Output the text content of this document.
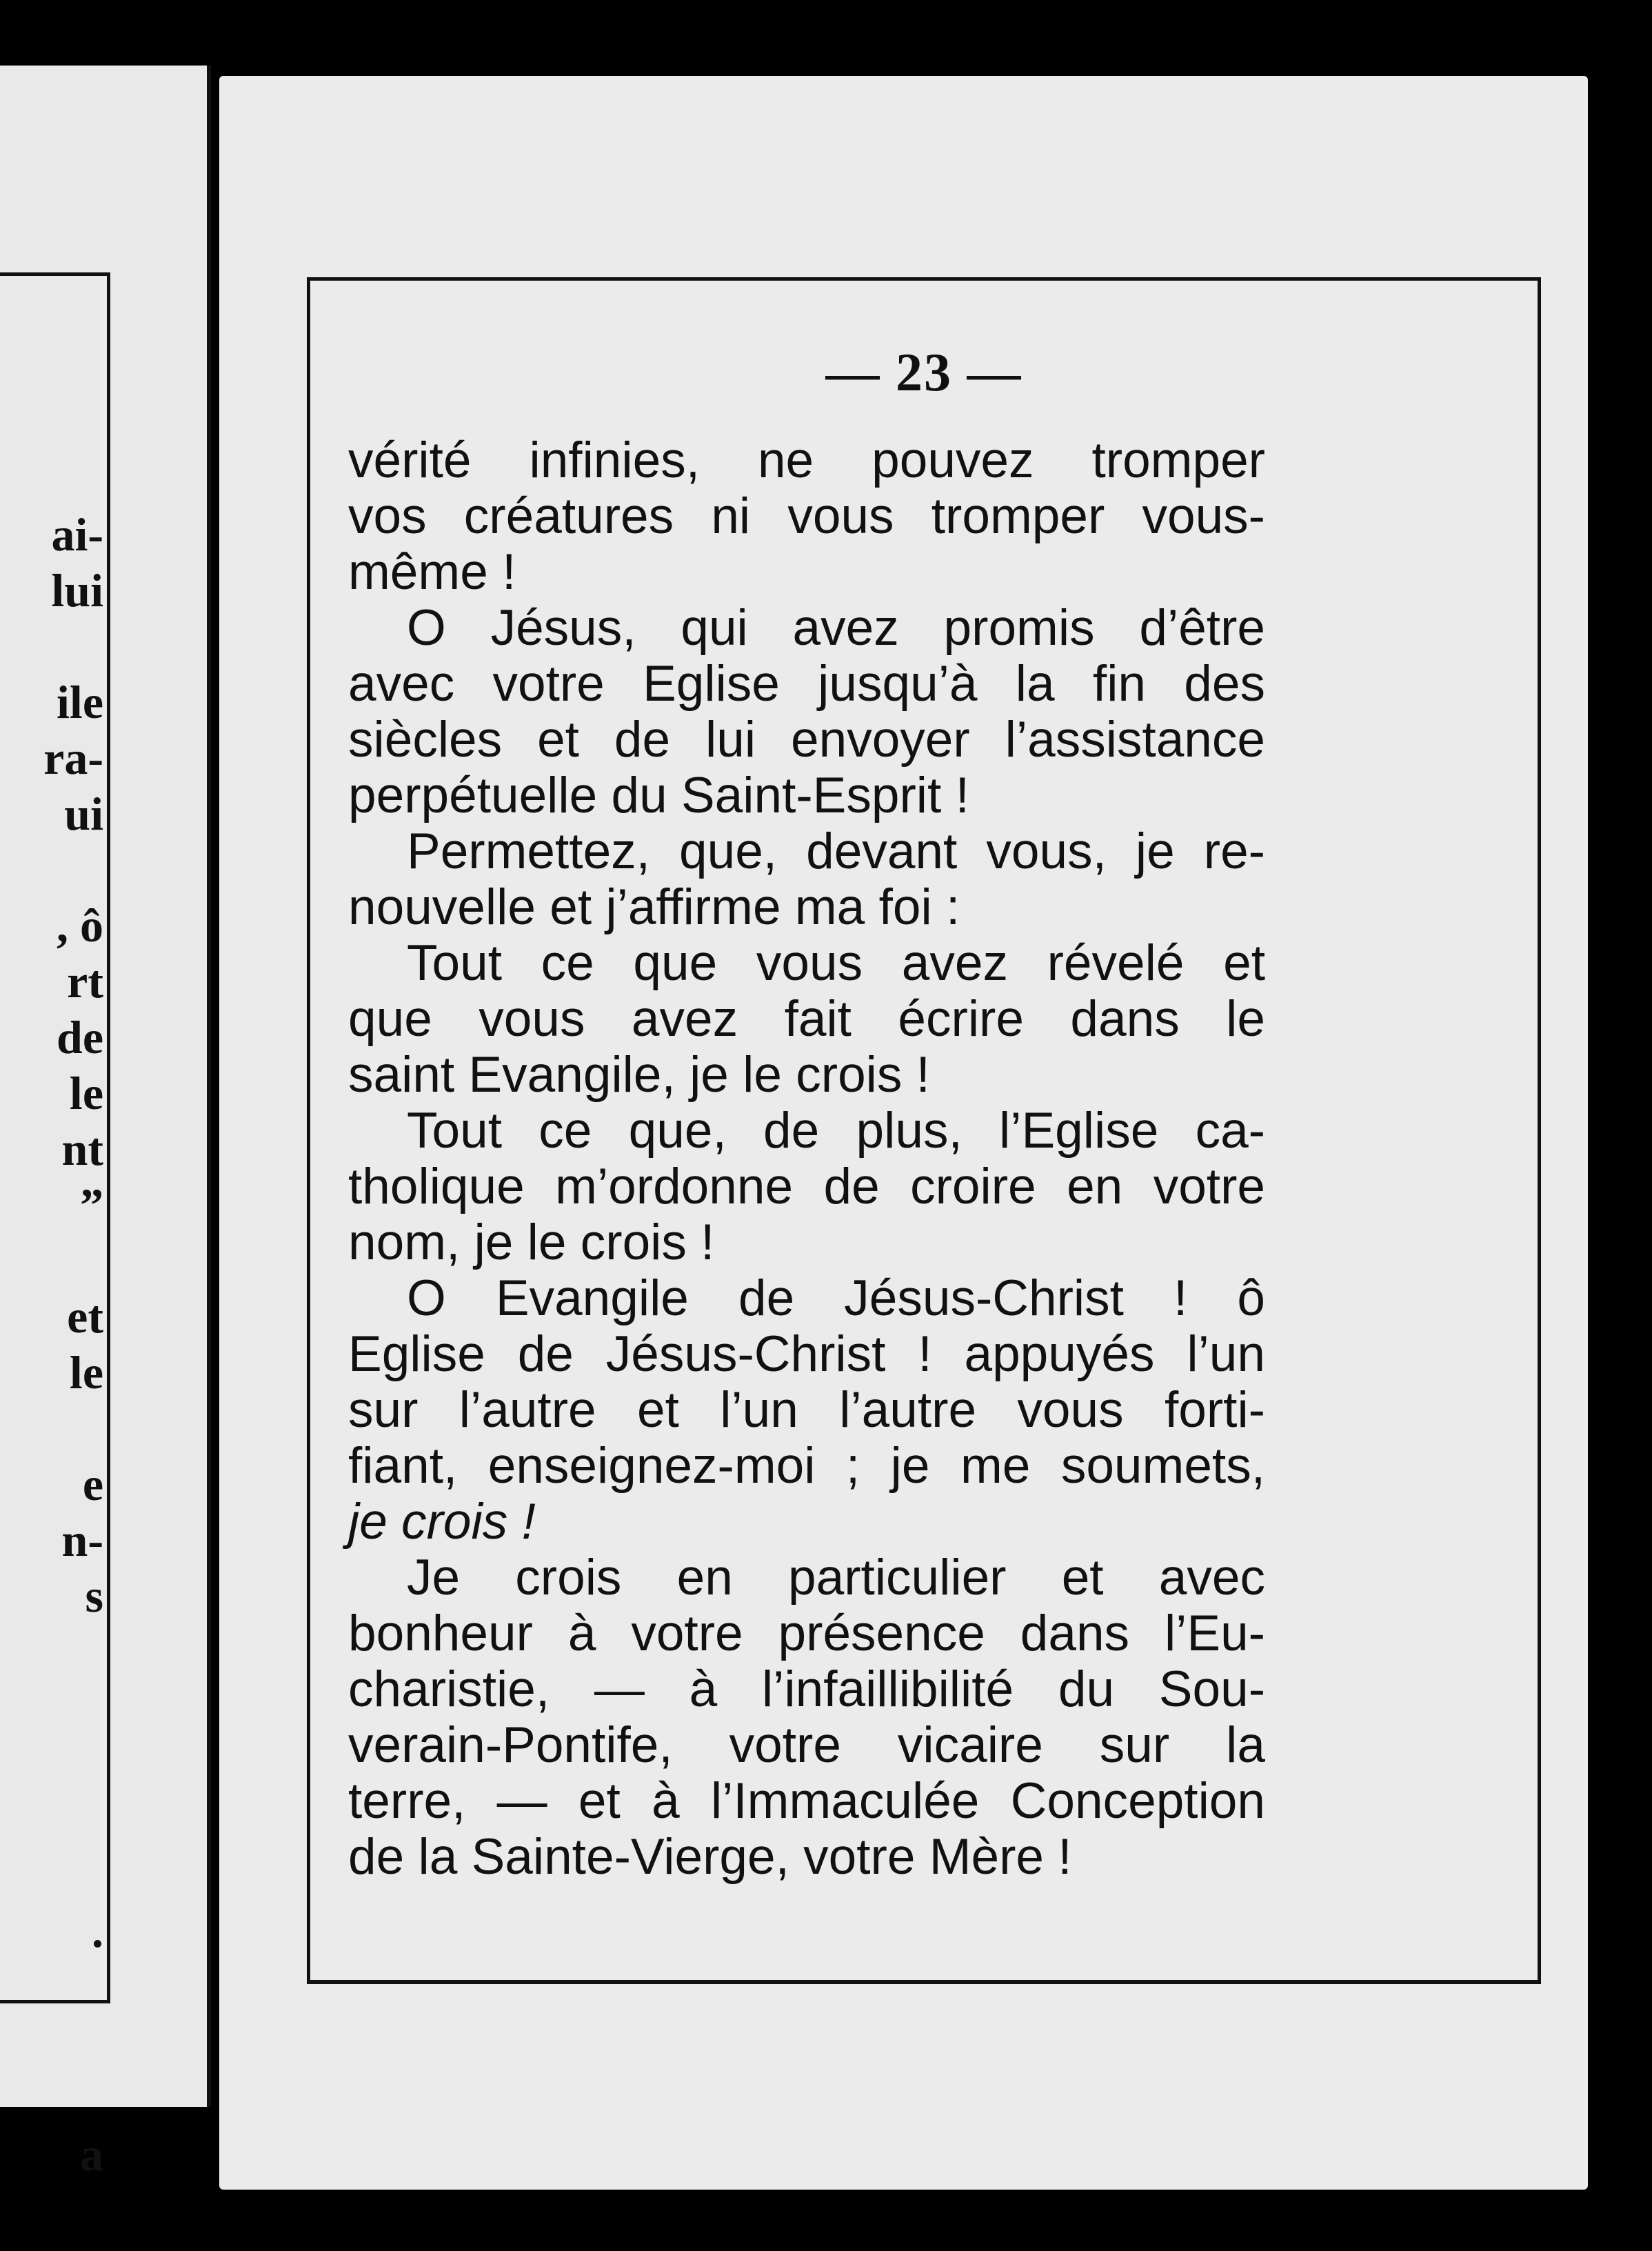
ai-
lui
ile
ra-
ui
, ô
rt
de
le
nt
”
et
le
e
n-
s
.
a
— 23 —
vérité infinies, ne pouvez tromper
vos créatures ni vous tromper vous-
même !
O Jésus, qui avez promis d’être
avec votre Eglise jusqu’à la fin des
siècles et de lui envoyer l’assistance
perpétuelle du Saint-Esprit !
Permettez, que, devant vous, je re-
nouvelle et j’affirme ma foi :
Tout ce que vous avez révelé et
que vous avez fait écrire dans le
saint Evangile, je le crois !
Tout ce que, de plus, l’Eglise ca-
tholique m’ordonne de croire en votre
nom, je le crois !
O Evangile de Jésus-Christ ! ô
Eglise de Jésus-Christ ! appuyés l’un
sur l’autre et l’un l’autre vous forti-
fiant, enseignez-moi ; je me soumets,
je crois !
Je crois en particulier et avec
bonheur à votre présence dans l’Eu-
charistie, — à l’infaillibilité du Sou-
verain-Pontife, votre vicaire sur la
terre, — et à l’Immaculée Conception
de la Sainte-Vierge, votre Mère !
